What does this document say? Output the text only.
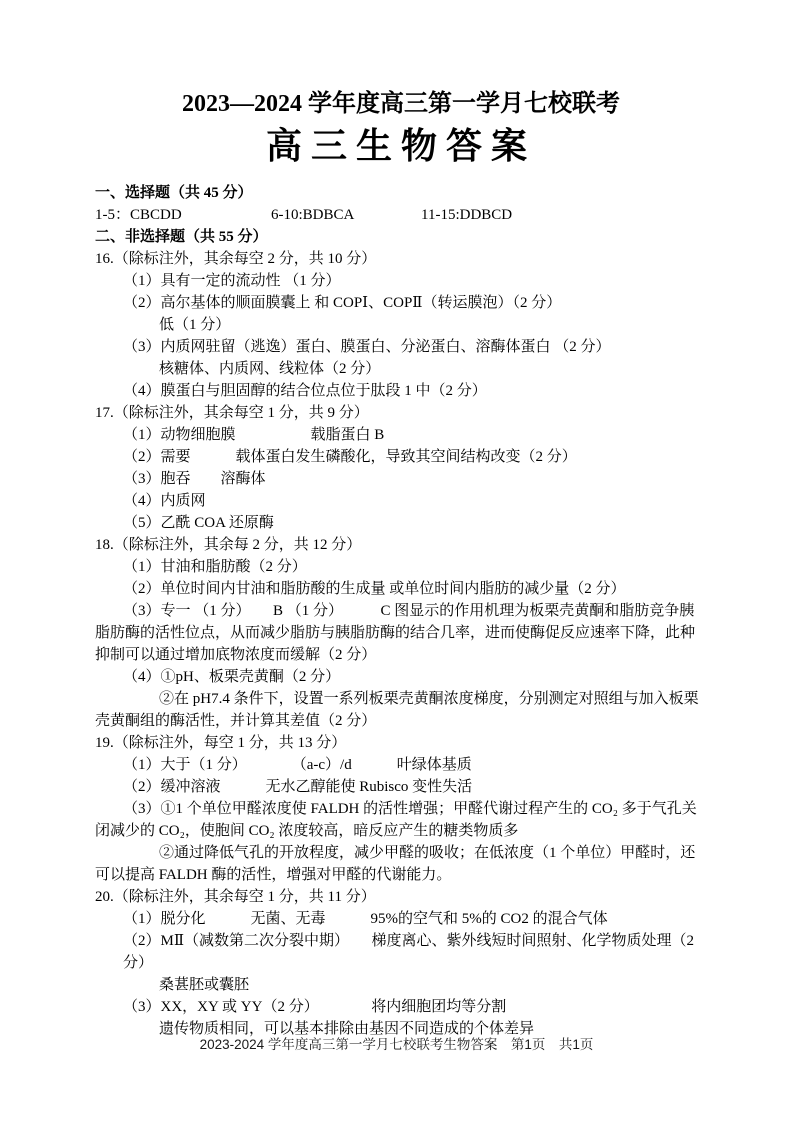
2023—2024 学年度高三第一学月七校联考
高三生物答案
一、选择题（共 45 分）
1-5：CBCDD	6-10:BDBCA	11-15:DDBCD
二、非选择题（共 55 分）
16.（除标注外，其余每空 2 分，共 10 分）
（1）具有一定的流动性 （1 分）
（2）高尔基体的顺面膜囊上 和 COPⅠ、COPⅡ（转运膜泡）（2 分）
低（1 分）
（3）内质网驻留（逃逸）蛋白、膜蛋白、分泌蛋白、溶酶体蛋白 （2 分）
核糖体、内质网、线粒体（2 分）
（4）膜蛋白与胆固醇的结合位点位于肽段 1 中（2 分）
17.（除标注外，其余每空 1 分，共 9 分）
（1）动物细胞膜　　　　　载脂蛋白 B
（2）需要　　　载体蛋白发生磷酸化，导致其空间结构改变（2 分）
（3）胞吞　　溶酶体
（4）内质网
（5）乙酰 COA 还原酶
18.（除标注外，其余每 2 分，共 12 分）
（1）甘油和脂肪酸（2 分）
（2）单位时间内甘油和脂肪酸的生成量 或单位时间内脂肪的减少量（2 分）

（3）专一 （1 分）　　B （1 分）　　　C 图显示的作用机理为板栗壳黄酮和脂肪竞争胰脂肪酶的活性位点，从而减少脂肪与胰脂肪酶的结合几率，进而使酶促反应速率下降，此种抑制可以通过增加底物浓度而缓解（2 分）

（4）①pH、板栗壳黄酮（2 分）

②在 pH7.4 条件下，设置一系列板栗壳黄酮浓度梯度，分别测定对照组与加入板栗壳黄酮组的酶活性，并计算其差值（2 分）

19.（除标注外，每空 1 分，共 13 分）
（1）大于（1 分）　　　　（a-c）/d　　　叶绿体基质
（2）缓冲溶液　　　无水乙醇能使 Rubisco 变性失活

（3）①1 个单位甲醛浓度使 FALDH 的活性增强；甲醛代谢过程产生的 CO₂ 多于气孔关闭减少的 CO₂，使胞间 CO₂ 浓度较高，暗反应产生的糖类物质多

②通过降低气孔的开放程度，减少甲醛的吸收；在低浓度（1 个单位）甲醛时，还可以提高 FALDH 酶的活性，增强对甲醛的代谢能力。

20.（除标注外，其余每空 1 分，共 11 分）
（1）脱分化　　　无菌、无毒　　　95%的空气和 5%的 CO2 的混合气体
（2）MⅡ（减数第二次分裂中期）　　梯度离心、紫外线短时间照射、化学物质处理（2 分）
桑葚胚或囊胚
（3）XX，XY 或 YY（2 分）　　　　将内细胞团均等分割
遗传物质相同，可以基本排除由基因不同造成的个体差异
2023-2024 学年度高三第一学月七校联考生物答案　第1页　共1页
